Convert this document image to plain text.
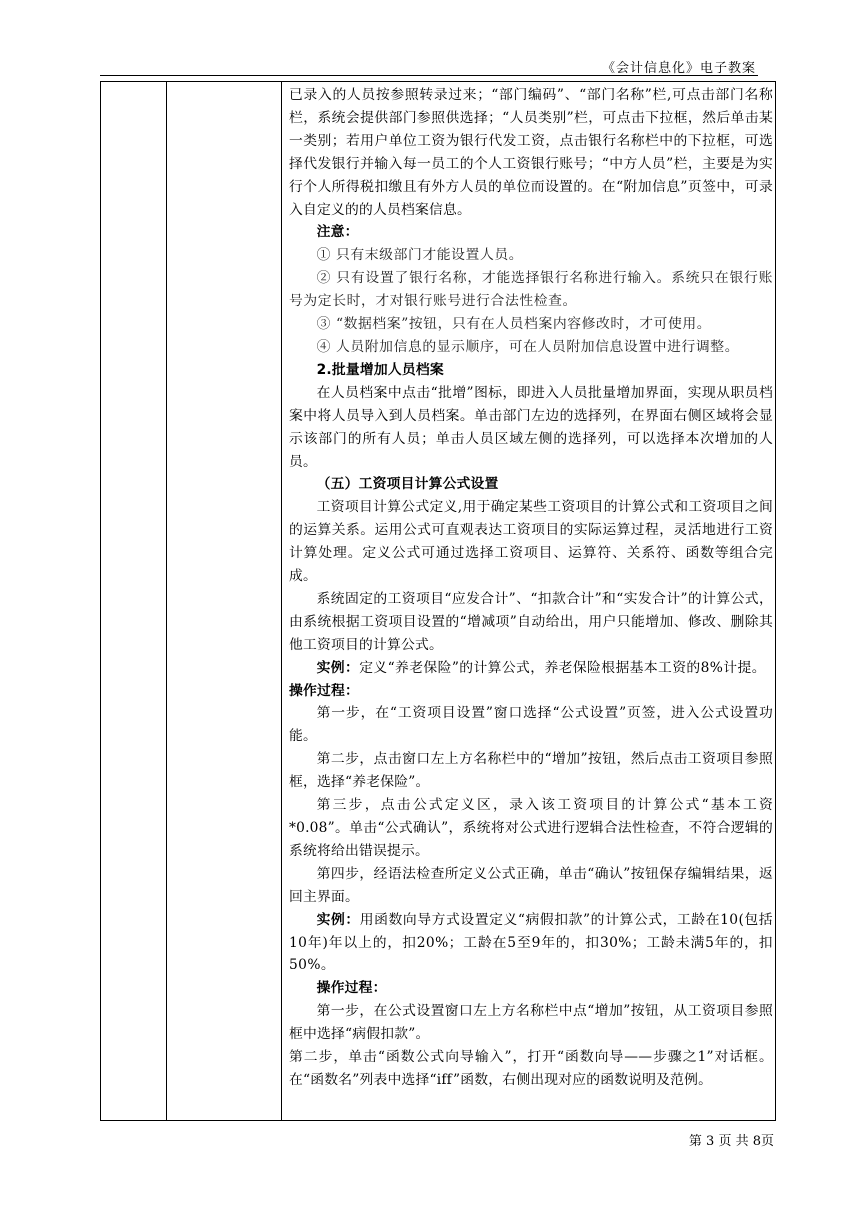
《会计信息化》电子教案

已录入的人员按参照转录过来；“部门编码”、“部门名称”栏,可点击部门名称栏，系统会提供部门参照供选择；“人员类别”栏，可点击下拉框，然后单击某一类别；若用户单位工资为银行代发工资，点击银行名称栏中的下拉框，可选择代发银行并输入每一员工的个人工资银行账号；“中方人员”栏，主要是为实行个人所得税扣缴且有外方人员的单位而设置的。在“附加信息”页签中，可录入自定义的的人员档案信息。

注意：

① 只有末级部门才能设置人员。

② 只有设置了银行名称，才能选择银行名称进行输入。系统只在银行账号为定长时，才对银行账号进行合法性检查。

③ “数据档案”按钮，只有在人员档案内容修改时，才可使用。

④ 人员附加信息的显示顺序，可在人员附加信息设置中进行调整。

2.批量增加人员档案

在人员档案中点击“批增”图标，即进入人员批量增加界面，实现从职员档案中将人员导入到人员档案。单击部门左边的选择列，在界面右侧区域将会显示该部门的所有人员；单击人员区域左侧的选择列，可以选择本次增加的人员。

（五）工资项目计算公式设置

工资项目计算公式定义,用于确定某些工资项目的计算公式和工资项目之间的运算关系。运用公式可直观表达工资项目的实际运算过程，灵活地进行工资计算处理。定义公式可通过选择工资项目、运算符、关系符、函数等组合完成。

系统固定的工资项目“应发合计”、“扣款合计”和“实发合计”的计算公式，由系统根据工资项目设置的“增减项”自动给出，用户只能增加、修改、删除其他工资项目的计算公式。

实例：定义“养老保险”的计算公式，养老保险根据基本工资的8%计提。

操作过程：

第一步，在“工资项目设置”窗口选择“公式设置”页签，进入公式设置功能。

第二步，点击窗口左上方名称栏中的“增加”按钮，然后点击工资项目参照框，选择“养老保险”。

第三步，点击公式定义区，录入该工资项目的计算公式“基本工资*0.08”。单击“公式确认”，系统将对公式进行逻辑合法性检查，不符合逻辑的系统将给出错误提示。

第四步，经语法检查所定义公式正确，单击“确认”按钮保存编辑结果，返回主界面。

实例：用函数向导方式设置定义“病假扣款”的计算公式，工龄在10(包括10年)年以上的，扣20%；工龄在5至9年的，扣30%；工龄未满5年的，扣50%。

操作过程：

第一步，在公式设置窗口左上方名称栏中点“增加”按钮，从工资项目参照框中选择“病假扣款”。

第二步，单击“函数公式向导输入”，打开“函数向导——步骤之1”对话框。在“函数名”列表中选择“iff”函数，右侧出现对应的函数说明及范例。

第 3 页 共 8页
